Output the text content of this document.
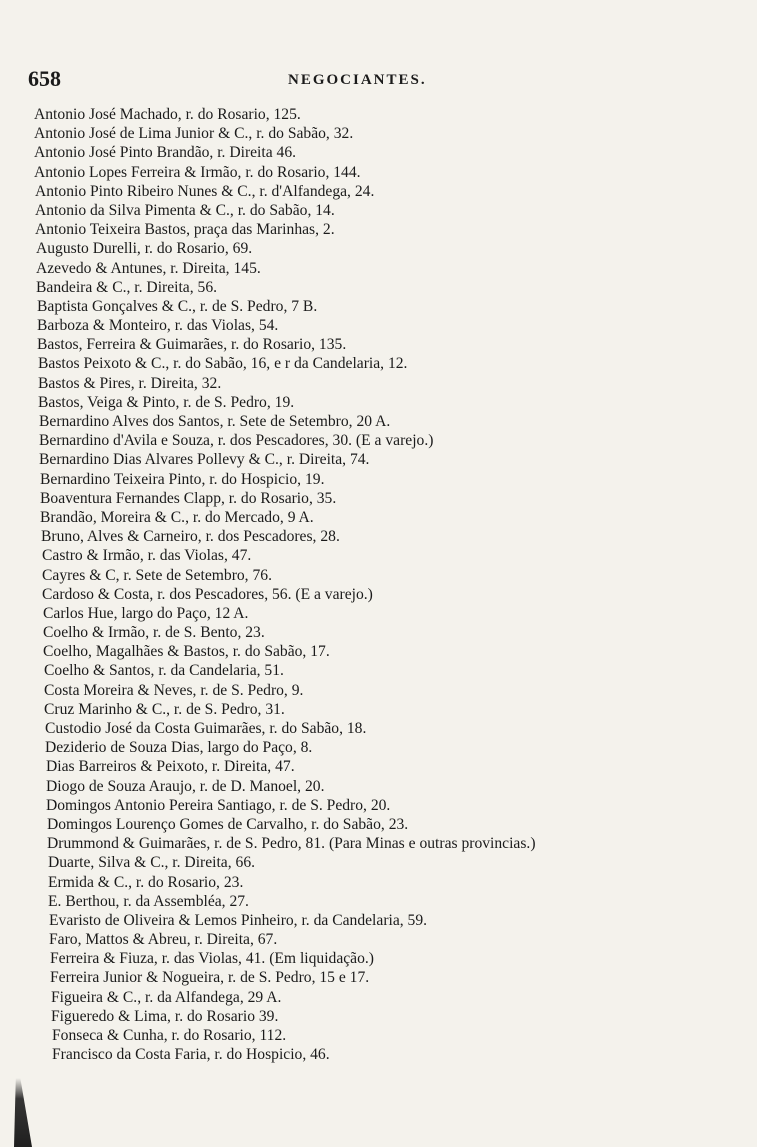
658	NEGOCIANTES.
Antonio José Machado, r. do Rosario, 125.
Antonio José de Lima Junior & C., r. do Sabão, 32.
Antonio José Pinto Brandão, r. Direita 46.
Antonio Lopes Ferreira & Irmão, r. do Rosario, 144.
Antonio Pinto Ribeiro Nunes & C., r. d'Alfandega, 24.
Antonio da Silva Pimenta & C., r. do Sabão, 14.
Antonio Teixeira Bastos, praça das Marinhas, 2.
Augusto Durelli, r. do Rosario, 69.
Azevedo & Antunes, r. Direita, 145.
Bandeira & C., r. Direita, 56.
Baptista Gonçalves & C., r. de S. Pedro, 7 B.
Barboza & Monteiro, r. das Violas, 54.
Bastos, Ferreira & Guimarães, r. do Rosario, 135.
Bastos Peixoto & C., r. do Sabão, 16, e r da Candelaria, 12.
Bastos & Pires, r. Direita, 32.
Bastos, Veiga & Pinto, r. de S. Pedro, 19.
Bernardino Alves dos Santos, r. Sete de Setembro, 20 A.
Bernardino d'Avila e Souza, r. dos Pescadores, 30. (E a varejo.)
Bernardino Dias Alvares Pollevy & C., r. Direita, 74.
Bernardino Teixeira Pinto, r. do Hospicio, 19.
Boaventura Fernandes Clapp, r. do Rosario, 35.
Brandão, Moreira & C., r. do Mercado, 9 A.
Bruno, Alves & Carneiro, r. dos Pescadores, 28.
Castro & Irmão, r. das Violas, 47.
Cayres & C, r. Sete de Setembro, 76.
Cardoso & Costa, r. dos Pescadores, 56. (E a varejo.)
Carlos Hue, largo do Paço, 12 A.
Coelho & Irmão, r. de S. Bento, 23.
Coelho, Magalhães & Bastos, r. do Sabão, 17.
Coelho & Santos, r. da Candelaria, 51.
Costa Moreira & Neves, r. de S. Pedro, 9.
Cruz Marinho & C., r. de S. Pedro, 31.
Custodio José da Costa Guimarães, r. do Sabão, 18.
Deziderio de Souza Dias, largo do Paço, 8.
Dias Barreiros & Peixoto, r. Direita, 47.
Diogo de Souza Araujo, r. de D. Manoel, 20.
Domingos Antonio Pereira Santiago, r. de S. Pedro, 20.
Domingos Lourenço Gomes de Carvalho, r. do Sabão, 23.
Drummond & Guimarães, r. de S. Pedro, 81. (Para Minas e outras provincias.)
Duarte, Silva & C., r. Direita, 66.
Ermida & C., r. do Rosario, 23.
E. Berthou, r. da Assembléa, 27.
Evaristo de Oliveira & Lemos Pinheiro, r. da Candelaria, 59.
Faro, Mattos & Abreu, r. Direita, 67.
Ferreira & Fiuza, r. das Violas, 41. (Em liquidação.)
Ferreira Junior & Nogueira, r. de S. Pedro, 15 e 17.
Figueira & C., r. da Alfandega, 29 A.
Figueredo & Lima, r. do Rosario 39.
Fonseca & Cunha, r. do Rosario, 112.
Francisco da Costa Faria, r. do Hospicio, 46.
